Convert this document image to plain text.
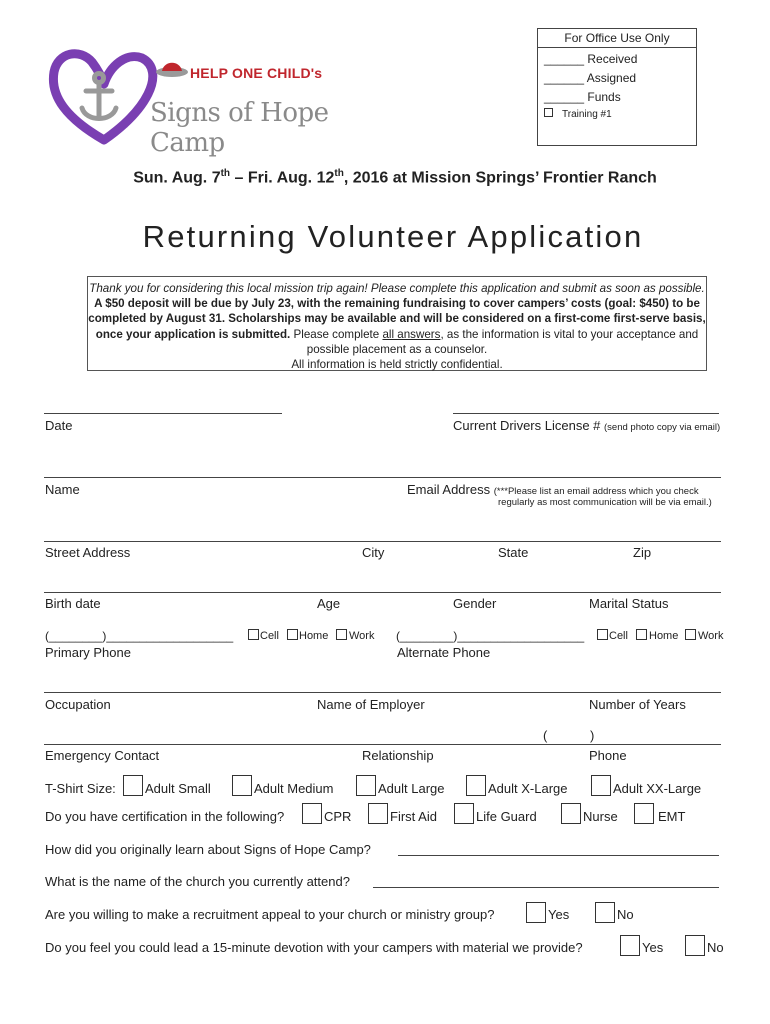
HELP ONE CHILD's
Signs of Hope Camp
For Office Use Only
______ Received
______ Assigned
______ Funds
Training #1
Sun. Aug. 7th – Fri. Aug. 12th, 2016 at Mission Springs’ Frontier Ranch
Returning Volunteer Application
Thank you for considering this local mission trip again! Please complete this application and submit as soon as possible. A $50 deposit will be due by July 23, with the remaining fundraising to cover campers’ costs (goal: $450) to be completed by August 31. Scholarships may be available and will be considered on a first-come first-serve basis, once your application is submitted. Please complete all answers, as the information is vital to your acceptance and possible placement as a counselor.
All information is held strictly confidential.
Date	Current Drivers License # (send photo copy via email)
Name	Email Address (***Please list an email address which you check
regularly as most communication will be via email.)
Street Address	City	State	Zip
Birth date	Age	Gender	Marital Status
(________)___________________ Cell Home Work
Primary Phone
(________)___________________ Cell Home Work
Alternate Phone
Occupation	Name of Employer	Number of Years
(	)
Emergency Contact	Relationship	Phone
T-Shirt Size: Adult Small	Adult Medium	Adult Large	Adult X-Large	Adult XX-Large
Do you have certification in the following?	CPR	First Aid	Life Guard	Nurse	EMT
How did you originally learn about Signs of Hope Camp?
What is the name of the church you currently attend?
Are you willing to make a recruitment appeal to your church or ministry group?	Yes	No
Do you feel you could lead a 15-minute devotion with your campers with material we provide?	Yes	No
